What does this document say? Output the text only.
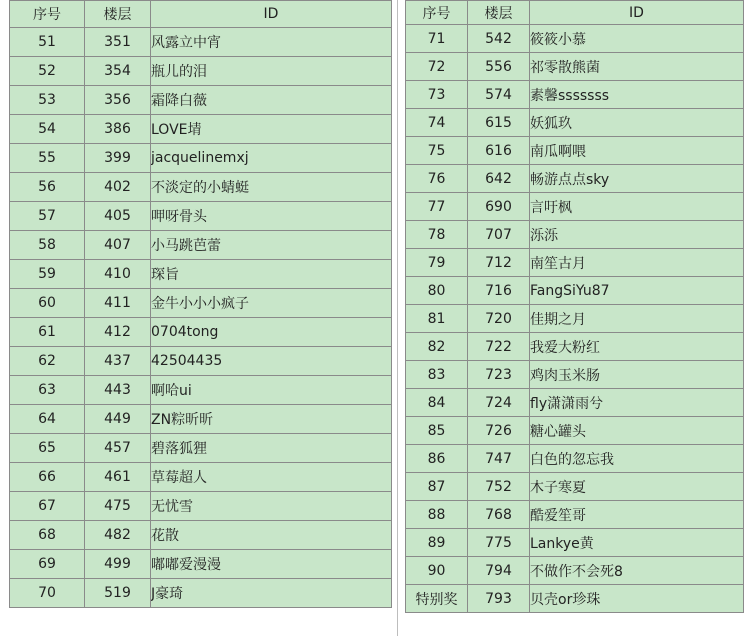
序号	楼层	ID
51	351	风露立中宵
52	354	瓶儿的泪
53	356	霜降白薇
54	386	LOVE埥
55	399	jacquelinemxj
56	402	不淡定的小蜻蜓
57	405	呷呀骨头
58	407	小马跳芭蕾
59	410	琛旨
60	411	金牛小小小疯子
61	412	0704tong
62	437	42504435
63	443	啊哈ui
64	449	ZN粽昕昕
65	457	碧落狐狸
66	461	草莓超人
67	475	无忧雪
68	482	花散
69	499	嘟嘟爱漫漫
70	519	J豪琦
序号	楼层	ID
71	542	筱筱小慕
72	556	祁零散熊菌
73	574	素馨sssssss
74	615	妖狐玖
75	616	南瓜啊喂
76	642	畅游点点sky
77	690	言吁枫
78	707	泺泺
79	712	南笙古月
80	716	FangSiYu87
81	720	佳期之月
82	722	我爱大粉红
83	723	鸡肉玉米肠
84	724	fly潇潇雨兮
85	726	糖心罐头
86	747	白色的忽忘我
87	752	木子寒夏
88	768	酷爱笙哥
89	775	Lankye黄
90	794	不做作不会死8
特别奖	793	贝壳or珍珠
